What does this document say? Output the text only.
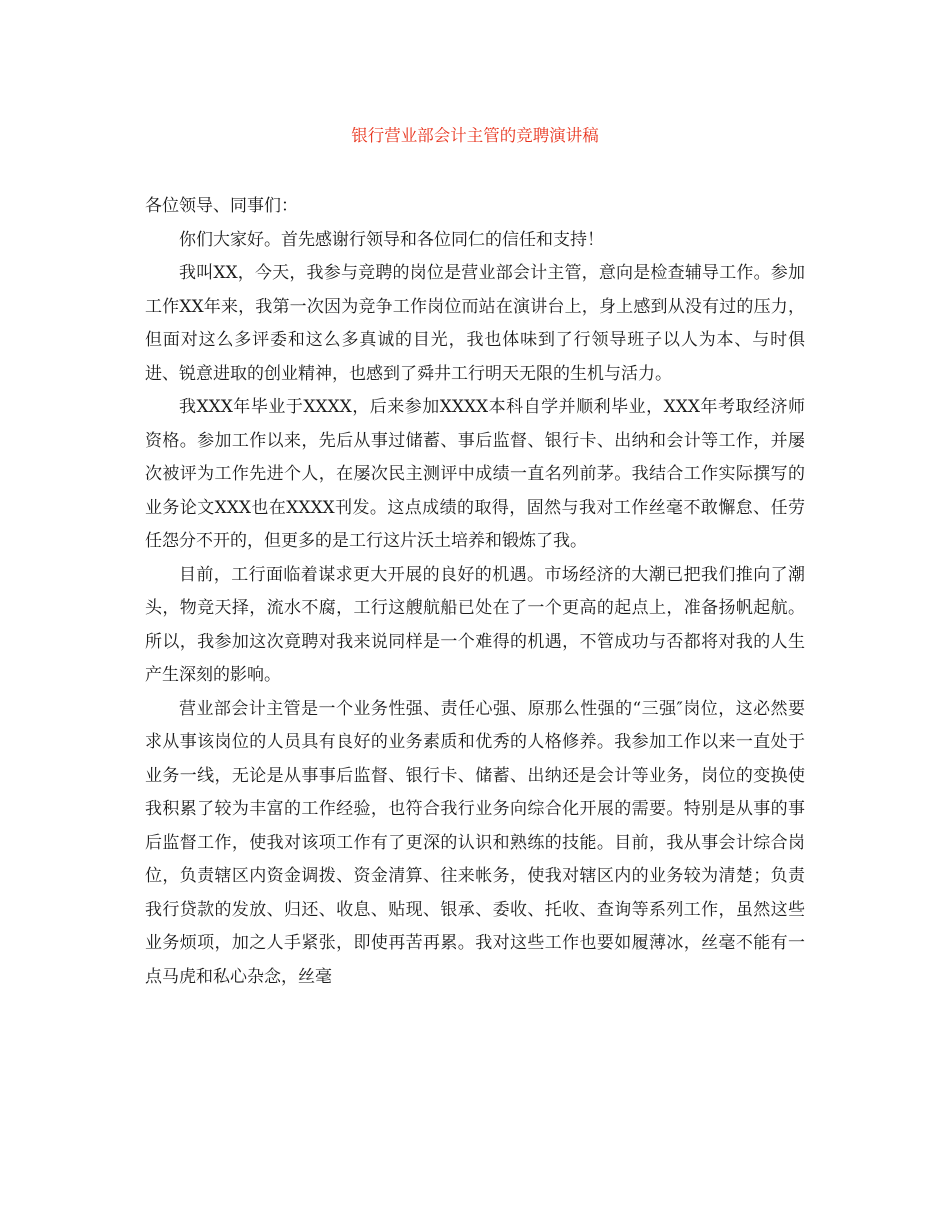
银行营业部会计主管的竞聘演讲稿

各位领导、同事们：

你们大家好。首先感谢行领导和各位同仁的信任和支持！

我叫XX，今天，我参与竞聘的岗位是营业部会计主管，意向是检查辅导工作。参加工作XX年来，我第一次因为竞争工作岗位而站在演讲台上，身上感到从没有过的压力，但面对这么多评委和这么多真诚的目光，我也体味到了行领导班子以人为本、与时俱进、锐意进取的创业精神，也感到了舜井工行明天无限的生机与活力。

我XXX年毕业于XXXX，后来参加XXXX本科自学并顺利毕业，XXX年考取经济师资格。参加工作以来，先后从事过储蓄、事后监督、银行卡、出纳和会计等工作，并屡次被评为工作先进个人，在屡次民主测评中成绩一直名列前茅。我结合工作实际撰写的业务论文XXX也在XXXX刊发。这点成绩的取得，固然与我对工作丝毫不敢懈怠、任劳任怨分不开的，但更多的是工行这片沃土培养和锻炼了我。

目前，工行面临着谋求更大开展的良好的机遇。市场经济的大潮已把我们推向了潮头，物竞天择，流水不腐，工行这艘航船已处在了一个更高的起点上，准备扬帆起航。所以，我参加这次竟聘对我来说同样是一个难得的机遇，不管成功与否都将对我的人生产生深刻的影响。

营业部会计主管是一个业务性强、责任心强、原那么性强的“三强″岗位，这必然要求从事该岗位的人员具有良好的业务素质和优秀的人格修养。我参加工作以来一直处于业务一线，无论是从事事后监督、银行卡、储蓄、出纳还是会计等业务，岗位的变换使我积累了较为丰富的工作经验，也符合我行业务向综合化开展的需要。特别是从事的事后监督工作，使我对该项工作有了更深的认识和熟练的技能。目前，我从事会计综合岗位，负责辖区内资金调拨、资金清算、往来帐务，使我对辖区内的业务较为清楚；负责我行贷款的发放、归还、收息、贴现、银承、委收、托收、查询等系列工作，虽然这些业务烦项，加之人手紧张，即使再苦再累。我对这些工作也要如履薄冰，丝毫不能有一点马虎和私心杂念，丝毫
